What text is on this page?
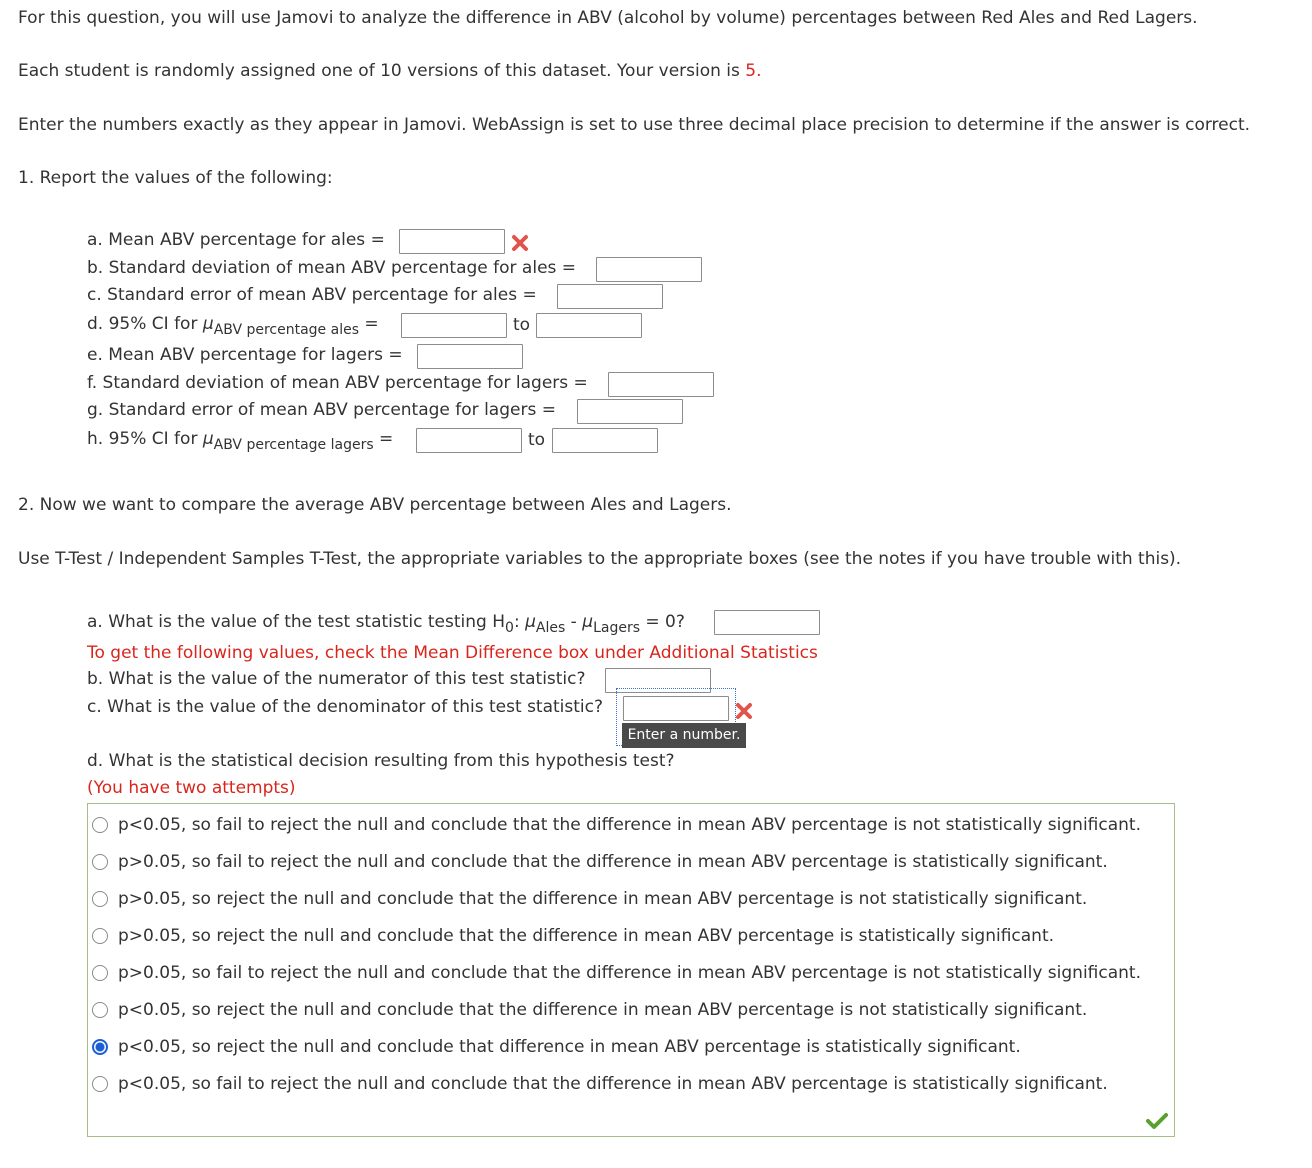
For this question, you will use Jamovi to analyze the difference in ABV (alcohol by volume) percentages between Red Ales and Red Lagers.
Each student is randomly assigned one of 10 versions of this dataset. Your version is 5.
Enter the numbers exactly as they appear in Jamovi. WebAssign is set to use three decimal place precision to determine if the answer is correct.
1. Report the values of the following:
a. Mean ABV percentage for ales =
b. Standard deviation of mean ABV percentage for ales =
c. Standard error of mean ABV percentage for ales =
d. 95% CI for $\mu_{ABV percentage ales}$ =	to
e. Mean ABV percentage for lagers =
f. Standard deviation of mean ABV percentage for lagers =
g. Standard error of mean ABV percentage for lagers =
h. 95% CI for $\mu_{ABV percentage lagers}$ =	to
2. Now we want to compare the average ABV percentage between Ales and Lagers.
Use T-Test / Independent Samples T-Test, the appropriate variables to the appropriate boxes (see the notes if you have trouble with this).
a. What is the value of the test statistic testing $H_0$: $\mu_{Ales} - \mu_{Lagers} = 0$?
To get the following values, check the Mean Difference box under Additional Statistics
b. What is the value of the numerator of this test statistic?
c. What is the value of the denominator of this test statistic?
Enter a number.
d. What is the statistical decision resulting from this hypothesis test?
(You have two attempts)
p<0.05, so fail to reject the null and conclude that the difference in mean ABV percentage is not statistically significant.
p>0.05, so fail to reject the null and conclude that the difference in mean ABV percentage is statistically significant.
p>0.05, so reject the null and conclude that the difference in mean ABV percentage is not statistically significant.
p>0.05, so reject the null and conclude that the difference in mean ABV percentage is statistically significant.
p>0.05, so fail to reject the null and conclude that the difference in mean ABV percentage is not statistically significant.
p<0.05, so reject the null and conclude that the difference in mean ABV percentage is not statistically significant.
p<0.05, so reject the null and conclude that difference in mean ABV percentage is statistically significant.
p<0.05, so fail to reject the null and conclude that the difference in mean ABV percentage is statistically significant.
